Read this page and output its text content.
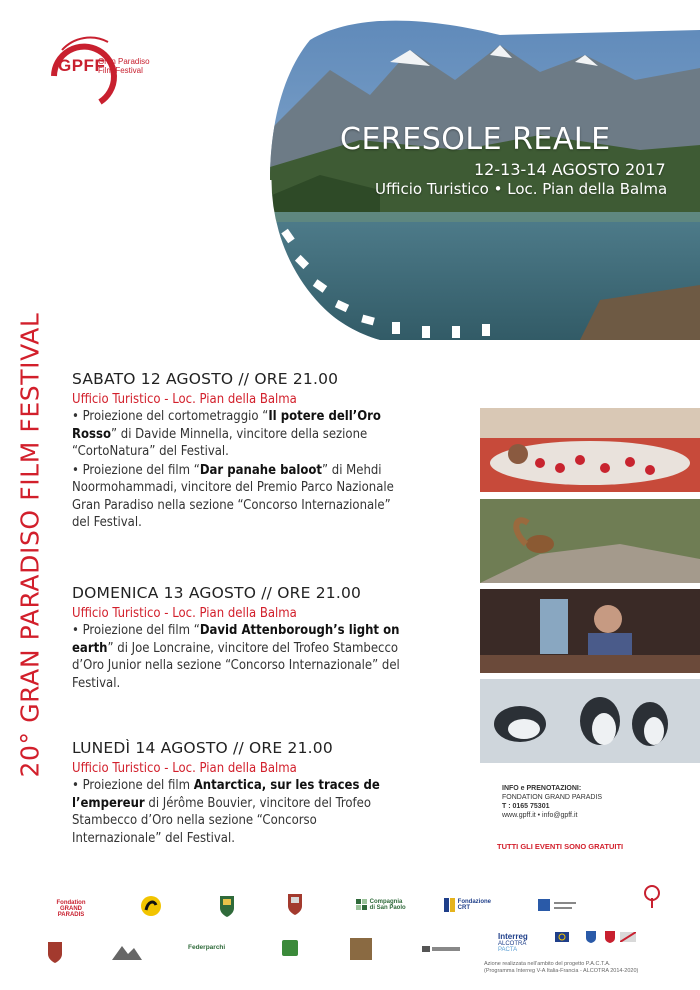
GPFF
Gran Paradiso
Film Festival
CERESOLE REALE
12-13-14 AGOSTO 2017
Ufficio Turistico • Loc. Pian della Balma
20° GRAN PARADISO FILM FESTIVAL SABATO 12 AGOSTO // ORE 21.00
Ufficio Turistico - Loc. Pian della Balma
• Proiezione del cortometraggio “Il potere dell’Oro Rosso” di Davide Minnella, vincitore della sezione “CortoNatura” del Festival.
• Proiezione del film “Dar panahe baloot” di Mehdi Noormohammadi, vincitore del Premio Parco Nazionale Gran Paradiso nella sezione “Concorso Internazionale” del Festival.
DOMENICA 13 AGOSTO // ORE 21.00
Ufficio Turistico - Loc. Pian della Balma
• Proiezione del film “David Attenborough’s light on earth” di Joe Loncraine, vincitore del Trofeo Stambecco d’Oro Junior nella sezione “Concorso Internazionale” del Festival.
LUNEDÌ 14 AGOSTO // ORE 21.00
Ufficio Turistico - Loc. Pian della Balma
• Proiezione del film Antarctica, sur les traces de l’empereur di Jérôme Bouvier, vincitore del Trofeo Stambecco d’Oro nella sezione “Concorso Internazionale” del Festival.
INFO e PRENOTAZIONI:
FONDATION GRAND PARADIS
T : 0165 75301
www.gpff.it • info@gpff.it
TUTTI GLI EVENTI SONO GRATUITI
Fondation GRAND PARADIS
Compagnia
di San Paolo
Fondazione
CRT
Federparchi
Interreg
ALCOTRA
PACTA
Azione realizzata nell’ambito del progetto P.A.C.T.A.
(Programma Interreg V-A Italia-Francia - ALCOTRA 2014-2020)
